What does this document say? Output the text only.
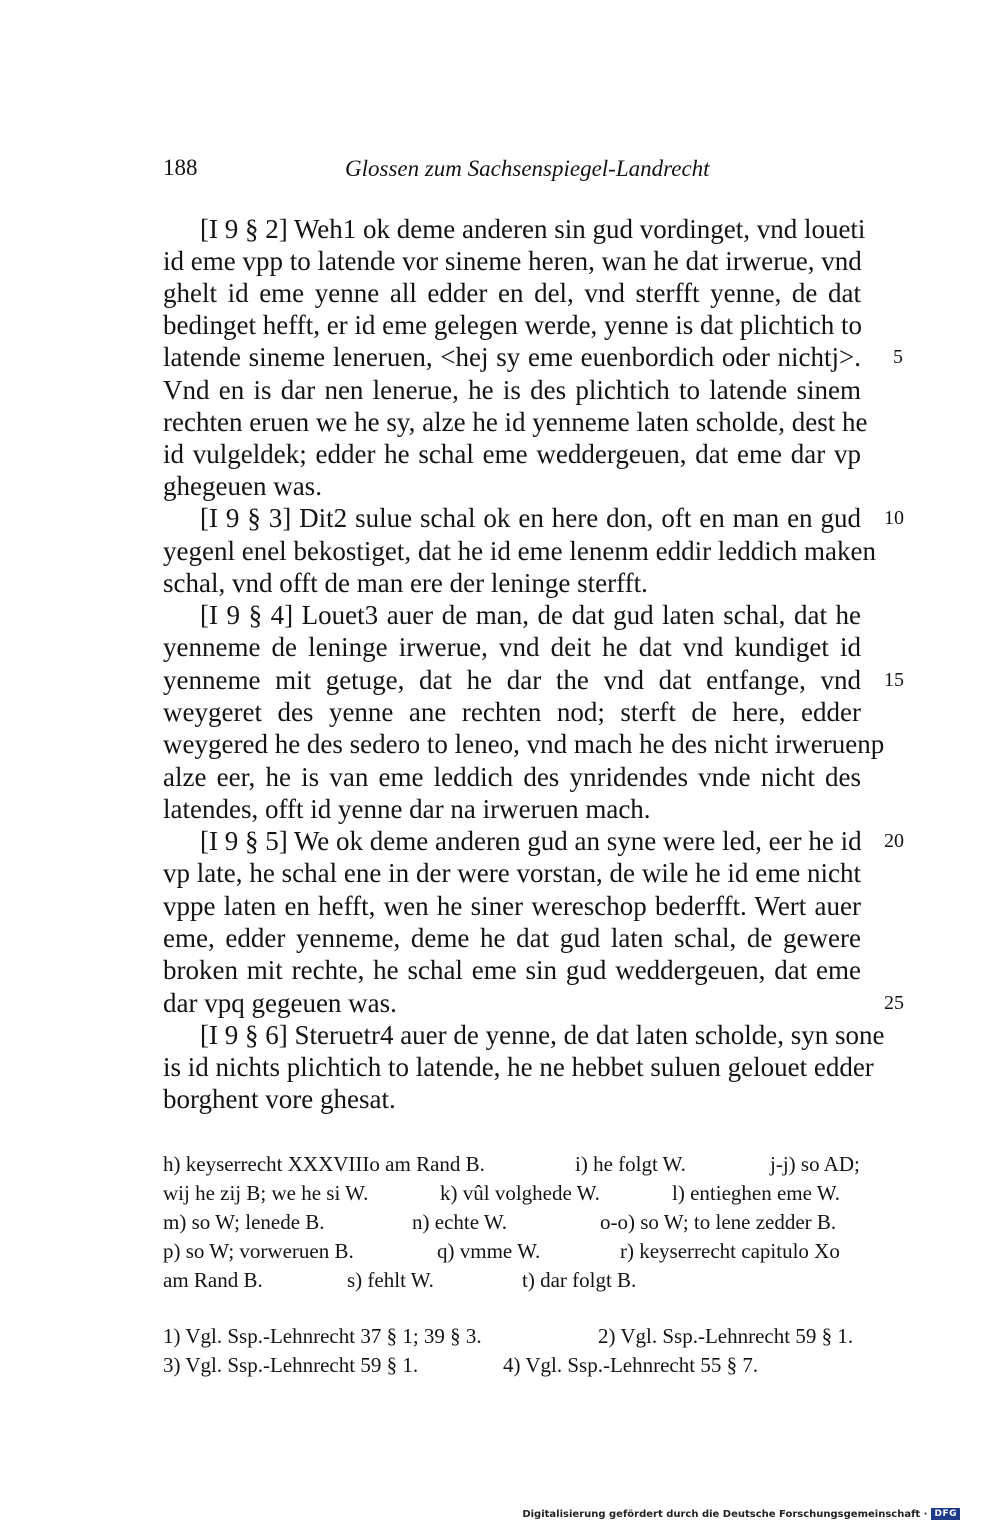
188	Glossen zum Sachsenspiegel-Landrecht
[I 9 § 2] Weh1 ok deme anderen sin gud vordinget, vnd loueti
id eme vpp to latende vor sineme heren, wan he dat irwerue, vnd
ghelt id eme yenne all edder en del, vnd sterfft yenne, de dat
bedinget hefft, er id eme gelegen werde, yenne is dat plichtich to
latende sineme leneruen, <hej sy eme euenbordich oder nichtj>.
Vnd en is dar nen lenerue, he is des plichtich to latende sinem
rechten eruen we he sy, alze he id yenneme laten scholde, dest he
id vulgeldek; edder he schal eme weddergeuen, dat eme dar vp
ghegeuen was.
[I 9 § 3] Dit2 sulue schal ok en here don, oft en man en gud
yegenl enel bekostiget, dat he id eme lenenm eddir leddich maken
schal, vnd offt de man ere der leninge sterfft.
[I 9 § 4] Louet3 auer de man, de dat gud laten schal, dat he
yenneme de leninge irwerue, vnd deit he dat vnd kundiget id
yenneme mit getuge, dat he dar the vnd dat entfange, vnd
weygeret des yenne ane rechten nod; sterft de here, edder
weygered he des sedero to leneo, vnd mach he des nicht irweruenp
alze eer, he is van eme leddich des ynridendes vnde nicht des
latendes, offt id yenne dar na irweruen mach.
[I 9 § 5] We ok deme anderen gud an syne were led, eer he id
vp late, he schal ene in der were vorstan, de wile he id eme nicht
vppe laten en hefft, wen he siner wereschop bederfft. Wert auer
eme, edder yenneme, deme he dat gud laten schal, de gewere
broken mit rechte, he schal eme sin gud weddergeuen, dat eme
dar vpq gegeuen was.
[I 9 § 6] Steruetr4 auer de yenne, de dat laten scholde, syn sone
is id nichts plichtich to latende, he ne hebbet suluen gelouet edder
borghent vore ghesat.
5
10
15
20
25
h) keyserrecht XXXVIIIo am Rand B.	i) he folgt W.	j-j) so AD;
wij he zij B; we he si W.	k) vûl volghede W.	l) entieghen eme W.
m) so W; lenede B.	n) echte W.	o-o) so W; to lene zedder B.
p) so W; vorweruen B.	q) vmme W.	r) keyserrecht capitulo Xo
am Rand B.	s) fehlt W.	t) dar folgt B.
1) Vgl. Ssp.-Lehnrecht 37 § 1; 39 § 3.	2) Vgl. Ssp.-Lehnrecht 59 § 1.
3) Vgl. Ssp.-Lehnrecht 59 § 1.	4) Vgl. Ssp.-Lehnrecht 55 § 7.
Digitalisierung gefördert durch die Deutsche Forschungsgemeinschaft · DFG
